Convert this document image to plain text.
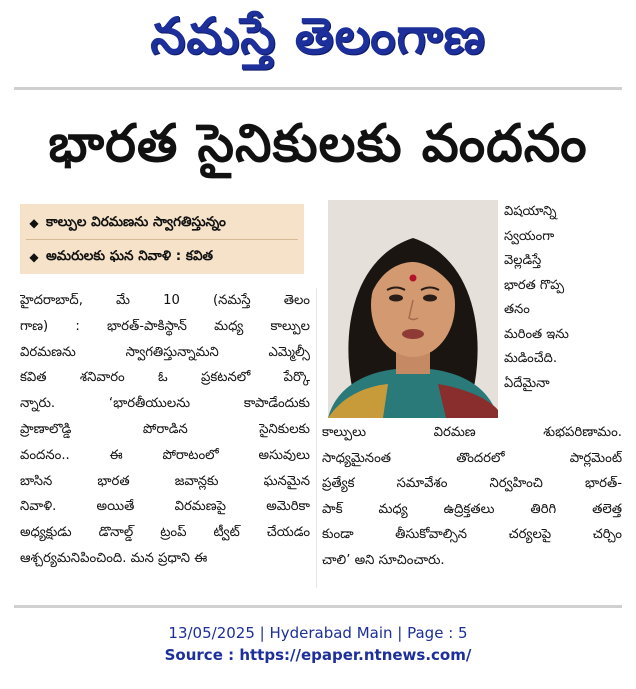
నమస్తే తెలంగాణ
భారత సైనికులకు వందనం
◆ కాల్పుల విరమణను స్వాగతిస్తున్నం
◆ అమరులకు ఘన నివాళి : కవిత
హైదరాబాద్, మే 10 (నమస్తే తెలం
గాణ) : భారత్‌-పాకిస్థాన్‌ మధ్య కాల్పుల
విరమణను స్వాగతిస్తున్నామని ఎమ్మెల్సీ
కవిత శనివారం ఓ ప్రకటనలో పేర్కొ
న్నారు. ‘భారతీయులను కాపాడేందుకు
ప్రాణాలొడ్డి పోరాడిన సైనికులకు
వందనం.. ఈ పోరాటంలో అసువులు
బాసిన భారత జవాన్లకు ఘనమైన
నివాళి. అయితే విరమణపై అమెరికా
అధ్యక్షుడు డొనాల్డ్‌ ట్రంప్‌ ట్వీట్‌ చేయడం
ఆశ్చర్యమనిపించింది. మన ప్రధాని ఈ
విషయాన్ని
స్వయంగా
వెల్లడిస్తే
భారత గొప్ప
తనం
మరింత ఇను
మడించేది.
ఏదేమైనా
కాల్పులు విరమణ శుభపరిణామం.
సాధ్యమైనంత తొందరలో పార్లమెంట్‌
ప్రత్యేక సమావేశం నిర్వహించి భారత్‌-
పాక్‌ మధ్య ఉద్రిక్తతలు తిరిగి తలెత్త
కుండా తీసుకోవాల్సిన చర్యలపై చర్చిం
చాలి’ అని సూచించారు.
13/05/2025 | Hyderabad Main | Page : 5
Source : https://epaper.ntnews.com/
